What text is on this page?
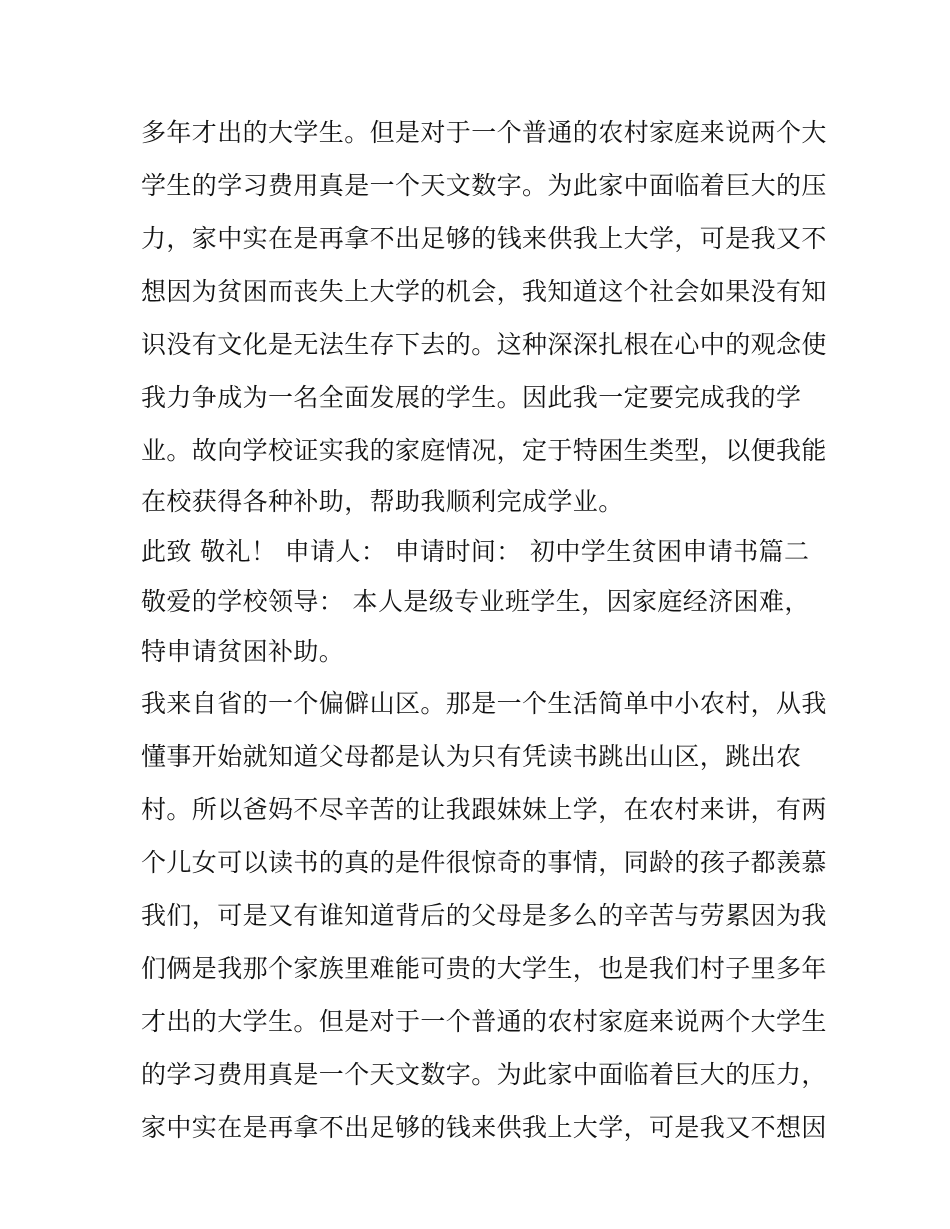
多年才出的大学生。但是对于一个普通的农村家庭来说两个大
学生的学习费用真是一个天文数字。为此家中面临着巨大的压
力，家中实在是再拿不出足够的钱来供我上大学，可是我又不
想因为贫困而丧失上大学的机会，我知道这个社会如果没有知
识没有文化是无法生存下去的。这种深深扎根在心中的观念使
我力争成为一名全面发展的学生。因此我一定要完成我的学
业。故向学校证实我的家庭情况，定于特困生类型，以便我能
在校获得各种补助，帮助我顺利完成学业。
此致 敬礼！ 申请人： 申请时间： 初中学生贫困申请书篇二
敬爱的学校领导： 本人是级专业班学生，因家庭经济困难，
特申请贫困补助。
我来自省的一个偏僻山区。那是一个生活简单中小农村，从我
懂事开始就知道父母都是认为只有凭读书跳出山区，跳出农
村。所以爸妈不尽辛苦的让我跟妹妹上学，在农村来讲，有两
个儿女可以读书的真的是件很惊奇的事情，同龄的孩子都羡慕
我们，可是又有谁知道背后的父母是多么的辛苦与劳累因为我
们俩是我那个家族里难能可贵的大学生，也是我们村子里多年
才出的大学生。但是对于一个普通的农村家庭来说两个大学生
的学习费用真是一个天文数字。为此家中面临着巨大的压力，
家中实在是再拿不出足够的钱来供我上大学，可是我又不想因
